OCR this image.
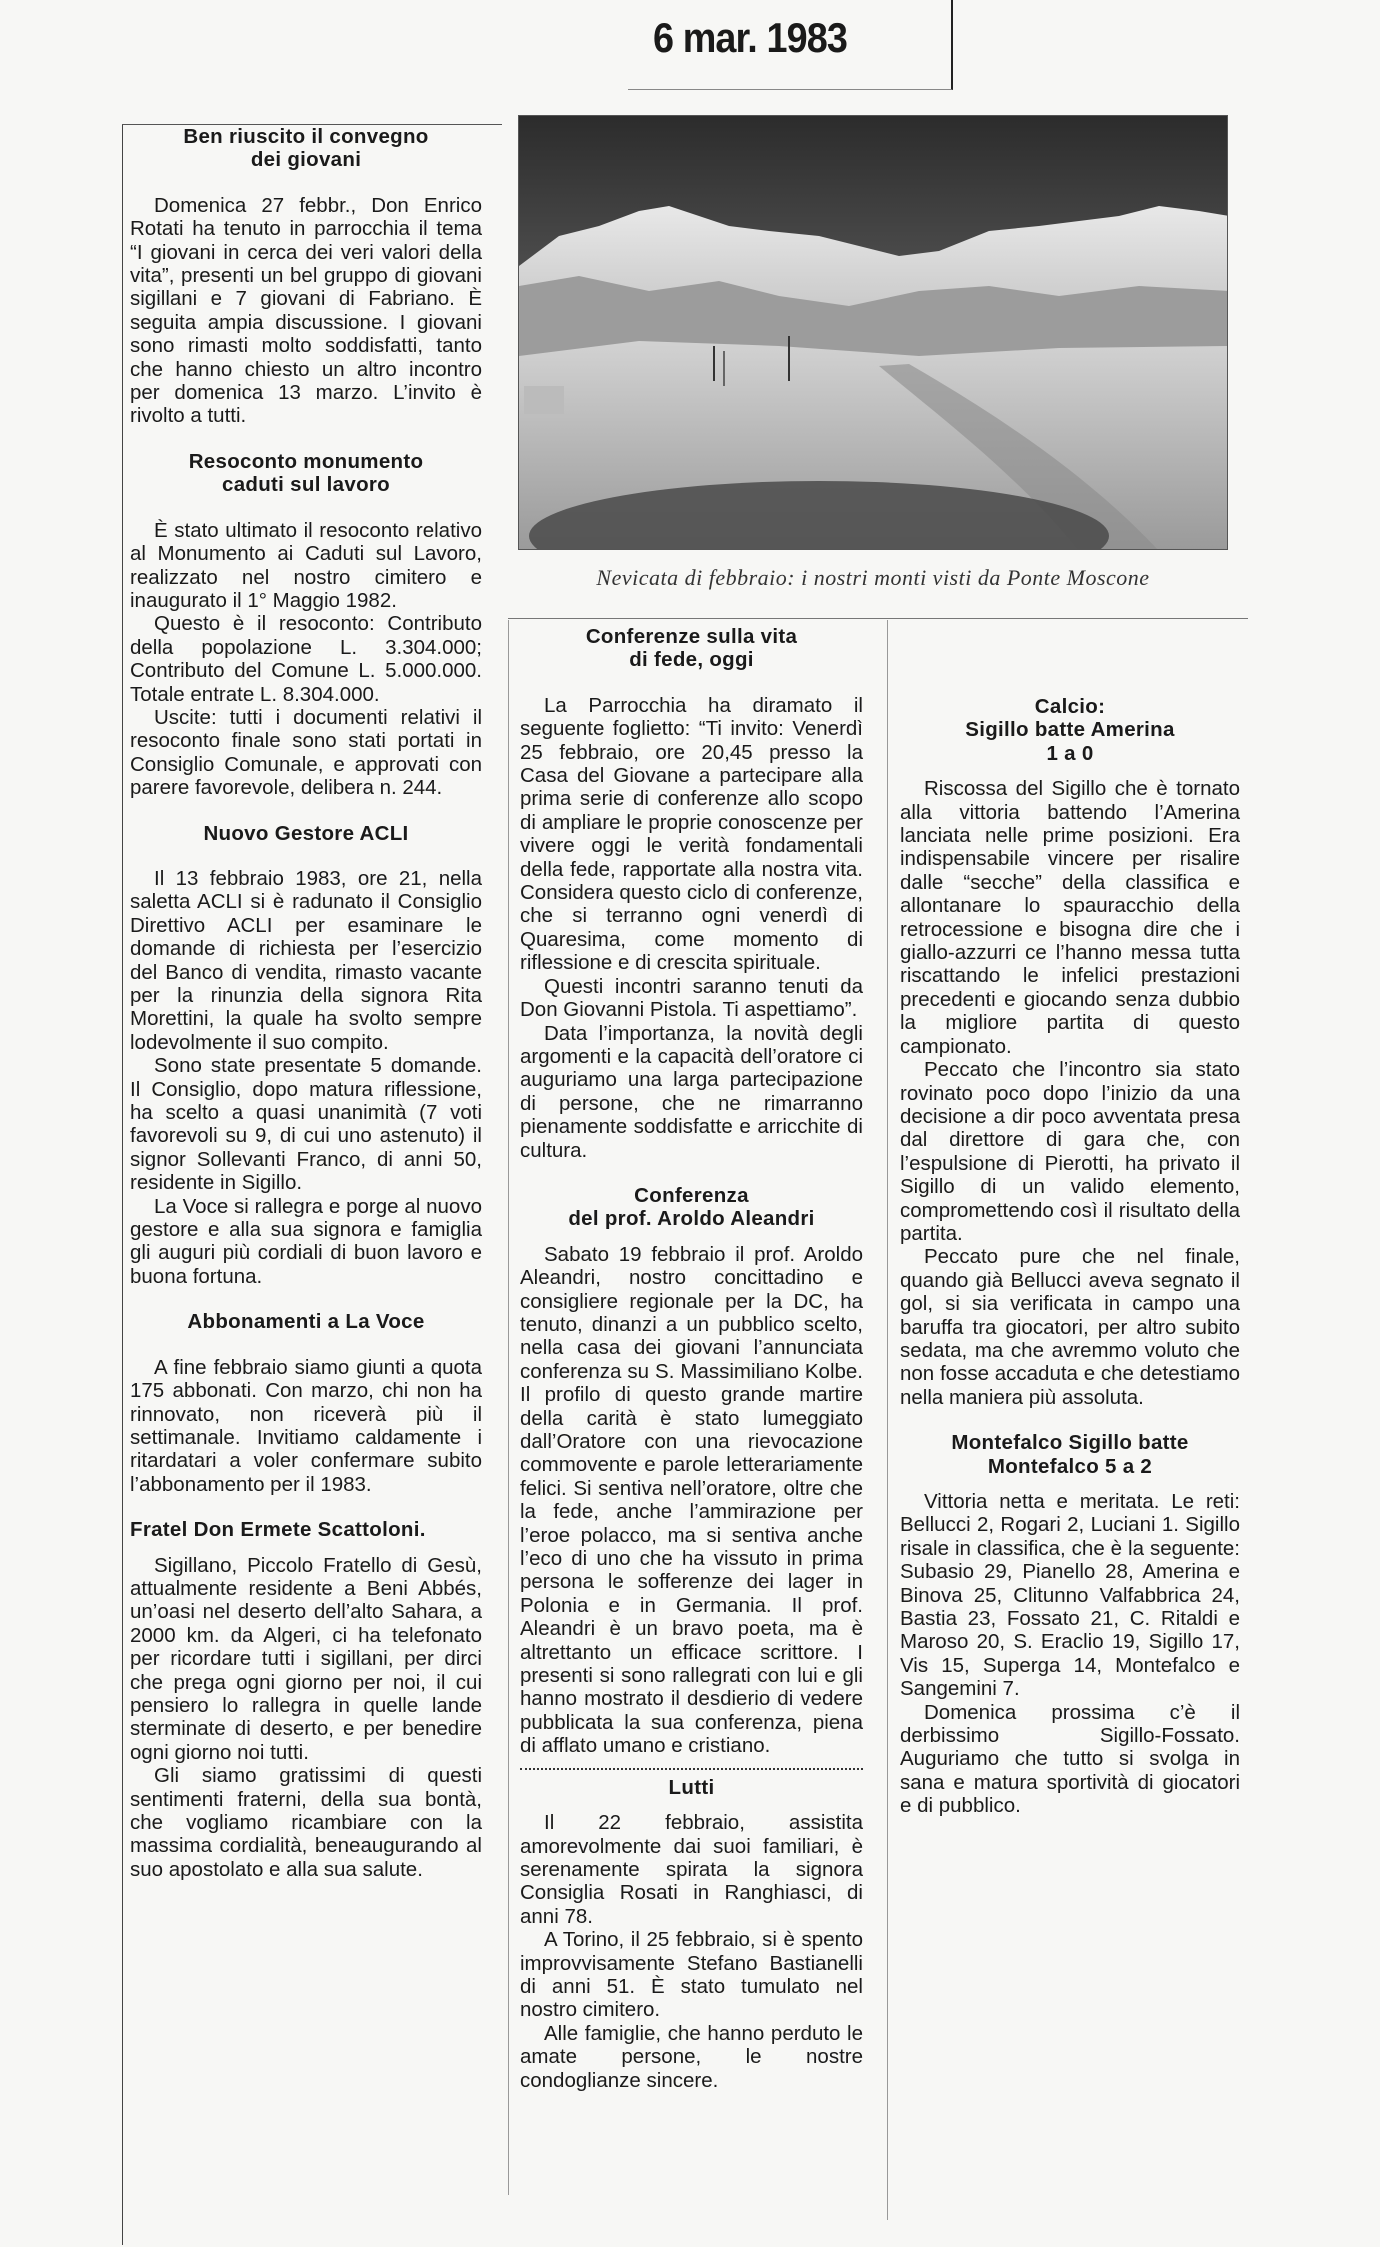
6 mar. 1983
Nevicata di febbraio: i nostri monti visti da Ponte Moscone
Ben riuscito il convegno
dei giovani

Domenica 27 febbr., Don Enrico Rotati ha tenuto in parrocchia il tema “I giovani in cerca dei veri valori della vita”, presenti un bel gruppo di giovani sigillani e 7 giovani di Fabriano. È seguita ampia discussione. I giovani sono rimasti molto soddisfatti, tanto che hanno chiesto un altro incontro per domenica 13 marzo. L’invito è rivolto a tutti.

Resoconto monumento
caduti sul lavoro

È stato ultimato il resoconto relativo al Monumento ai Caduti sul Lavoro, realizzato nel nostro cimitero e inaugurato il 1° Maggio 1982.

Questo è il resoconto: Contributo della popolazione L. 3.304.000; Contributo del Comune L. 5.000.000. Totale entrate L. 8.304.000.

Uscite: tutti i documenti relativi il resoconto finale sono stati portati in Consiglio Comunale, e approvati con parere favorevole, delibera n. 244.

Nuovo Gestore ACLI

Il 13 febbraio 1983, ore 21, nella saletta ACLI si è radunato il Consiglio Direttivo ACLI per esaminare le domande di richiesta per l’esercizio del Banco di vendita, rimasto vacante per la rinunzia della signora Rita Morettini, la quale ha svolto sempre lodevolmente il suo compito.

Sono state presentate 5 domande. Il Consiglio, dopo matura riflessione, ha scelto a quasi unanimità (7 voti favorevoli su 9, di cui uno astenuto) il signor Sollevanti Franco, di anni 50, residente in Sigillo.

La Voce si rallegra e porge al nuovo gestore e alla sua signora e famiglia gli auguri più cordiali di buon lavoro e buona fortuna.

Abbonamenti a La Voce

A fine febbraio siamo giunti a quota 175 abbonati. Con marzo, chi non ha rinnovato, non riceverà più il settimanale. Invitiamo caldamente i ritardatari a voler confermare subito l’abbonamento per il 1983.

Fratel Don Ermete Scattoloni.

Sigillano, Piccolo Fratello di Gesù, attualmente residente a Beni Abbés, un’oasi nel deserto dell’alto Sahara, a 2000 km. da Algeri, ci ha telefonato per ricordare tutti i sigillani, per dirci che prega ogni giorno per noi, il cui pensiero lo rallegra in quelle lande sterminate di deserto, e per benedire ogni giorno noi tutti.

Gli siamo gratissimi di questi sentimenti fraterni, della sua bontà, che vogliamo ricambiare con la massima cordialità, beneaugurando al suo apostolato e alla sua salute.

Conferenze sulla vita
di fede, oggi

La Parrocchia ha diramato il seguente foglietto: “Ti invito: Venerdì 25 febbraio, ore 20,45 presso la Casa del Giovane a partecipare alla prima serie di conferenze allo scopo di ampliare le proprie conoscenze per vivere oggi le verità fondamentali della fede, rapportate alla nostra vita. Considera questo ciclo di conferenze, che si terranno ogni venerdì di Quaresima, come momento di riflessione e di crescita spirituale.

Questi incontri saranno tenuti da Don Giovanni Pistola. Ti aspettiamo”.

Data l’importanza, la novità degli argomenti e la capacità dell’oratore ci auguriamo una larga partecipazione di persone, che ne rimarranno pienamente soddisfatte e arricchite di cultura.

Conferenza
del prof. Aroldo Aleandri

Sabato 19 febbraio il prof. Aroldo Aleandri, nostro concittadino e consigliere regionale per la DC, ha tenuto, dinanzi a un pubblico scelto, nella casa dei giovani l’annunciata conferenza su S. Massimiliano Kolbe. Il profilo di questo grande martire della carità è stato lumeggiato dall’Oratore con una rievocazione commovente e parole letterariamente felici. Si sentiva nell’oratore, oltre che la fede, anche l’ammirazione per l’eroe polacco, ma si sentiva anche l’eco di uno che ha vissuto in prima persona le sofferenze dei lager in Polonia e in Germania. Il prof. Aleandri è un bravo poeta, ma è altrettanto un efficace scrittore. I presenti si sono rallegrati con lui e gli hanno mostrato il desdierio di vedere pubblicata la sua conferenza, piena di afflato umano e cristiano.

Lutti

Il 22 febbraio, assistita amorevolmente dai suoi familiari, è serenamente spirata la signora Consiglia Rosati in Ranghiasci, di anni 78.

A Torino, il 25 febbraio, si è spento improvvisamente Stefano Bastianelli di anni 51. È stato tumulato nel nostro cimitero.

Alle famiglie, che hanno perduto le amate persone, le nostre condoglianze sincere.

Calcio:
Sigillo batte Amerina
1 a 0

Riscossa del Sigillo che è tornato alla vittoria battendo l’Amerina lanciata nelle prime posizioni. Era indispensabile vincere per risalire dalle “secche” della classifica e allontanare lo spauracchio della retrocessione e bisogna dire che i giallo-azzurri ce l’hanno messa tutta riscattando le infelici prestazioni precedenti e giocando senza dubbio la migliore partita di questo campionato.

Peccato che l’incontro sia stato rovinato poco dopo l’inizio da una decisione a dir poco avventata presa dal direttore di gara che, con l’espulsione di Pierotti, ha privato il Sigillo di un valido elemento, compromettendo così il risultato della partita.

Peccato pure che nel finale, quando già Bellucci aveva segnato il gol, si sia verificata in campo una baruffa tra giocatori, per altro subito sedata, ma che avremmo voluto che non fosse accaduta e che detestiamo nella maniera più assoluta.

Montefalco Sigillo batte
Montefalco 5 a 2

Vittoria netta e meritata. Le reti: Bellucci 2, Rogari 2, Luciani 1. Sigillo risale in classifica, che è la seguente: Subasio 29, Pianello 28, Amerina e Binova 25, Clitunno Valfabbrica 24, Bastia 23, Fossato 21, C. Ritaldi e Maroso 20, S. Eraclio 19, Sigillo 17, Vis 15, Superga 14, Montefalco e Sangemini 7.

Domenica prossima c’è il derbissimo Sigillo-Fossato. Auguriamo che tutto si svolga in sana e matura sportività di giocatori e di pubblico.
